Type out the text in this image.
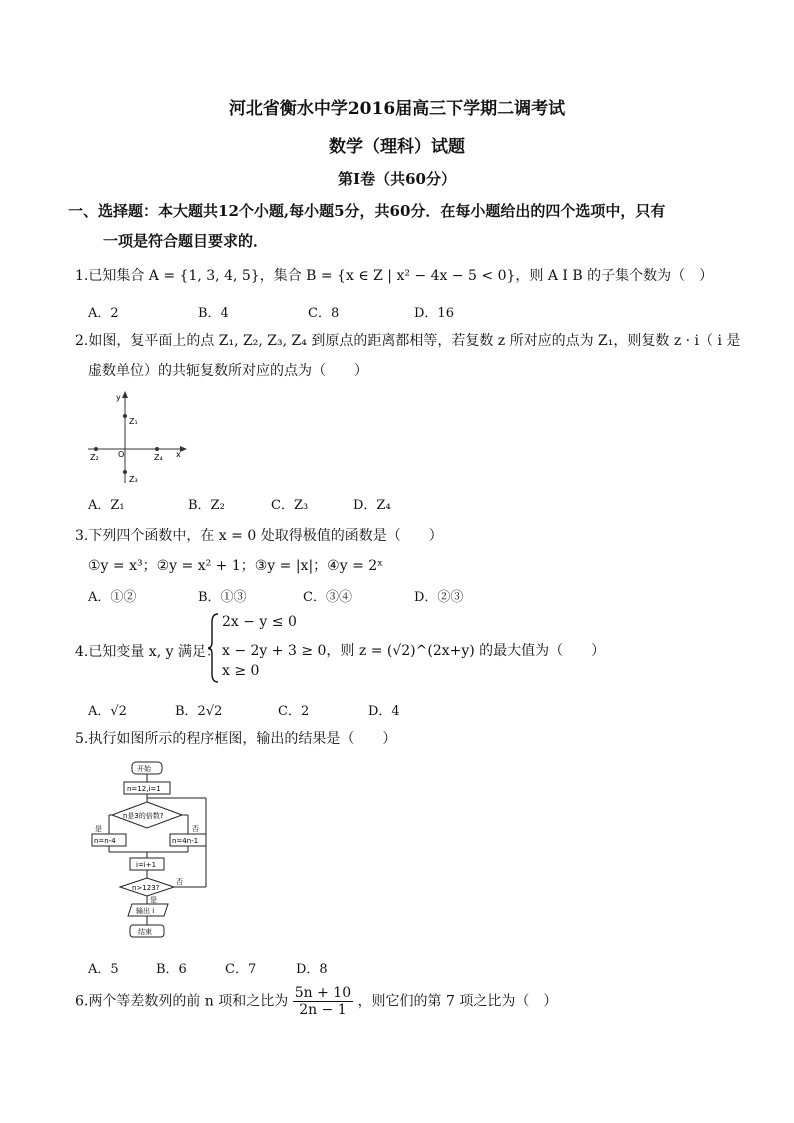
河北省衡水中学2016届高三下学期二调考试
数学（理科）试题
第Ⅰ卷（共60分）
一、选择题：本大题共12个小题,每小题5分，共60分．在每小题给出的四个选项中，只有
一项是符合题目要求的．
1.已知集合 A = {1, 3, 4, 5}，集合 B = {x ∈ Z | x² − 4x − 5 < 0}，则 A I B 的子集个数为（　）
A．2	B．4	C．8	D．16
2.如图，复平面上的点 Z₁, Z₂, Z₃, Z₄ 到原点的距离都相等，若复数 z 所对应的点为 Z₁，则复数 z · i（ i 是
虚数单位）的共轭复数所对应的点为（　　）
y
Z₁
Z₂ O	Z₄ x
Z₃
A．Z₁	B．Z₂	C．Z₃	D．Z₄
3.下列四个函数中，在 x = 0 处取得极值的函数是（　　）
①y = x³；②y = x² + 1；③y = |x|；④y = 2ˣ
A．①②	B．①③	C．③④	D．②③
4.已知变量 x, y 满足：
2x − y ≤ 0
x − 2y + 3 ≥ 0，则 z = (√2)^(2x+y) 的最大值为（　　）
x ≥ 0
A．√2	B．2√2	C．2	D．4
5.执行如图所示的程序框图，输出的结果是（　　）
开始
n=12,i=1
n是3的倍数?
是	否
n=n-4	n=4n-1
i=i+1
n>123?
否
是
输出 i
结束
A．5	B．6	C．7	D．8
6.两个等差数列的前 n 项和之比为 $\frac{5n + 10}{2n - 1}$ ，则它们的第 7 项之比为（　）
